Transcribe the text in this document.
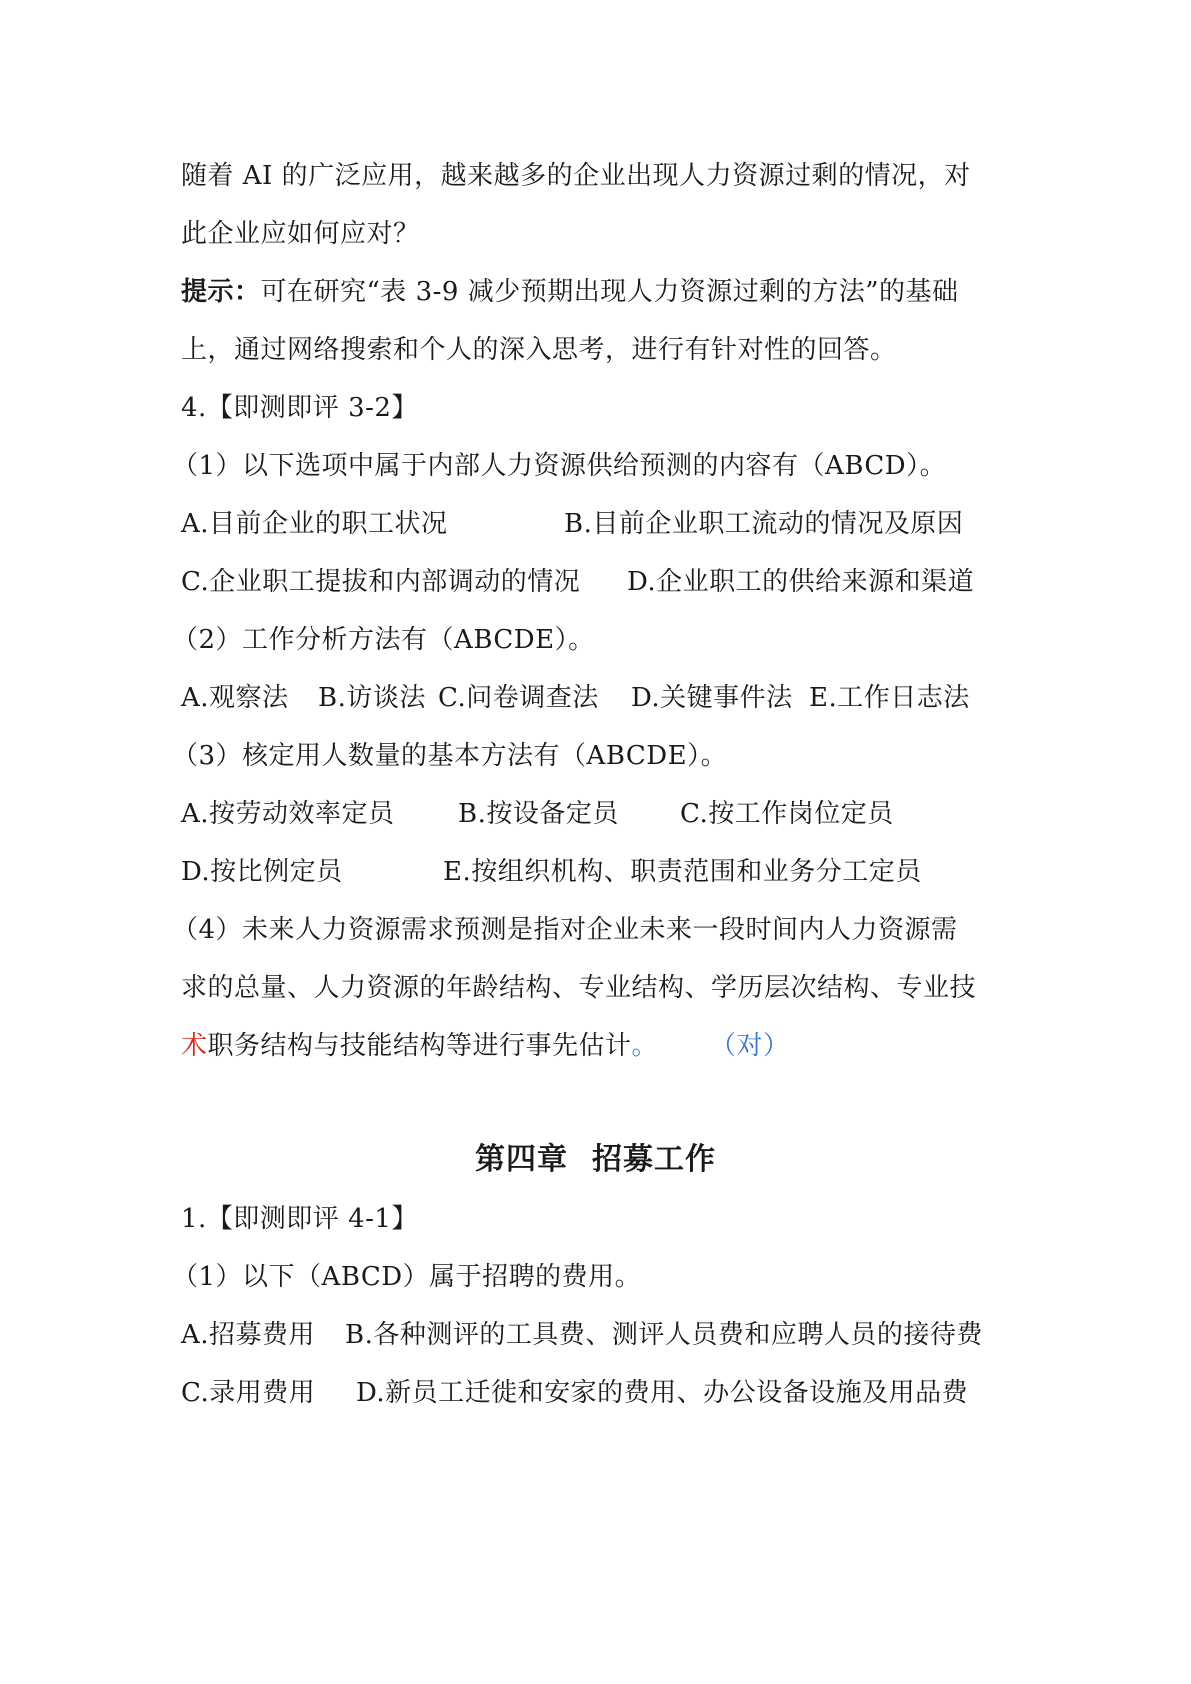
随着 AI 的广泛应用，越来越多的企业出现人力资源过剩的情况，对
此企业应如何应对？
提示：可在研究“表 3-9 减少预期出现人力资源过剩的方法”的基础
上，通过网络搜索和个人的深入思考，进行有针对性的回答。
4.【即测即评 3-2】
（1）以下选项中属于内部人力资源供给预测的内容有（ABCD）。
A.目前企业的职工状况	B.目前企业职工流动的情况及原因
C.企业职工提拔和内部调动的情况 D.企业职工的供给来源和渠道
（2）工作分析方法有（ABCDE）。
A.观察法 B.访谈法 C.问卷调查法 D.关键事件法 E.工作日志法
（3）核定用人数量的基本方法有（ABCDE）。
A.按劳动效率定员 B.按设备定员 C.按工作岗位定员
D.按比例定员	E.按组织机构、职责范围和业务分工定员
（4）未来人力资源需求预测是指对企业未来一段时间内人力资源需
求的总量、人力资源的年龄结构、专业结构、学历层次结构、专业技
术职务结构与技能结构等进行事先估计。 （对）
第四章 招募工作
1.【即测即评 4-1】
（1）以下（ABCD）属于招聘的费用。
A.招募费用 B.各种测评的工具费、测评人员费和应聘人员的接待费
C.录用费用 D.新员工迁徙和安家的费用、办公设备设施及用品费
